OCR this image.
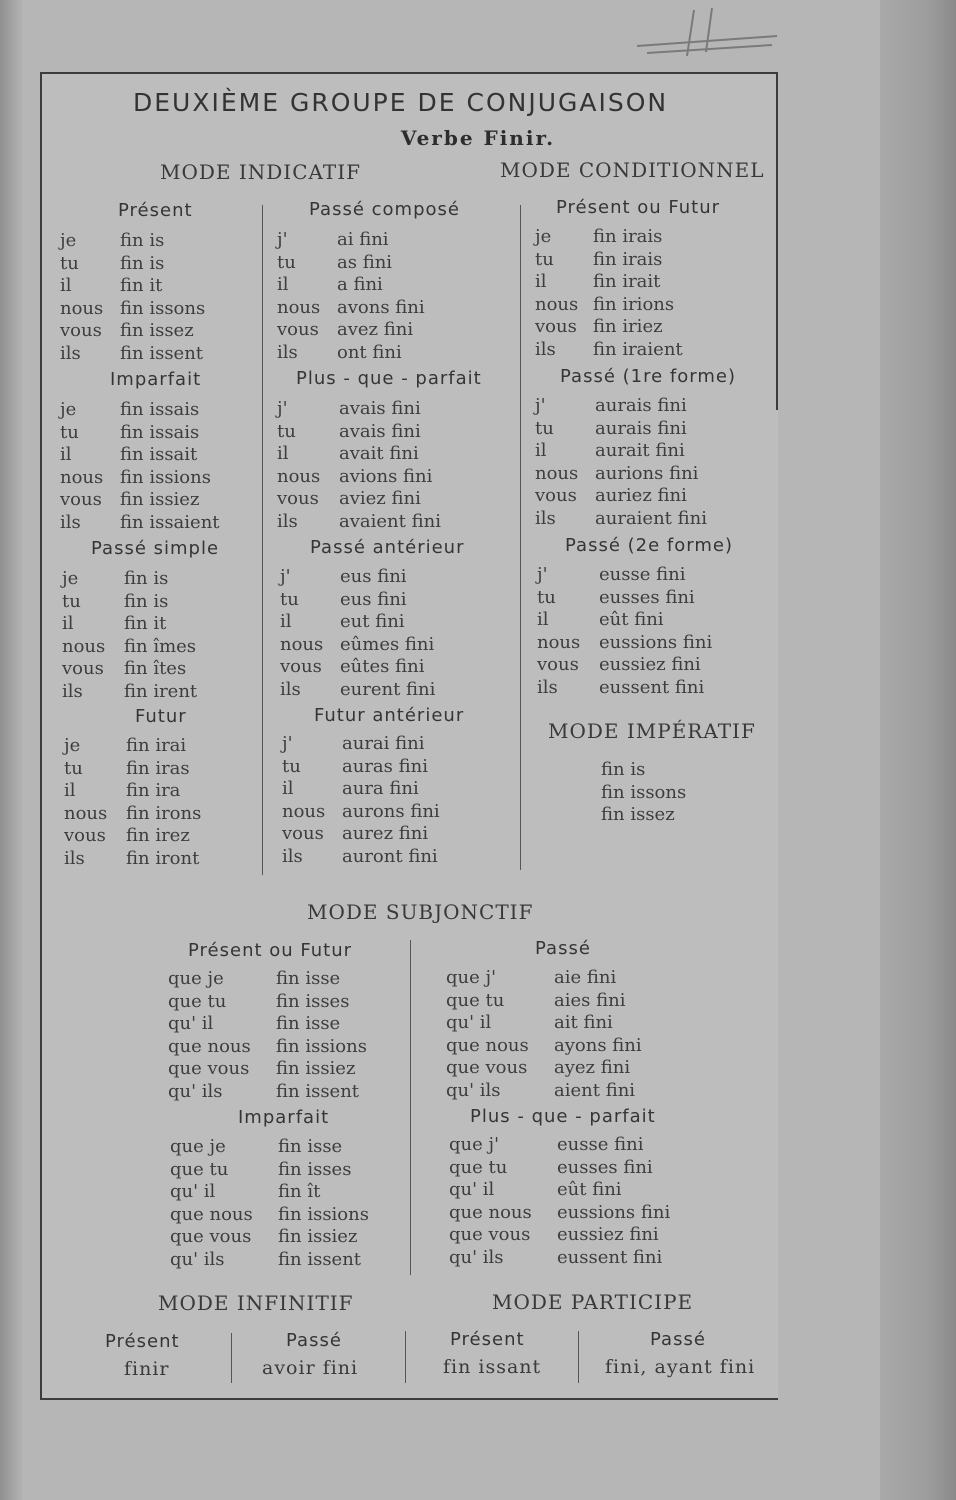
DEUXIÈME GROUPE DE CONJUGAISON
Verbe Finir.
MODE INDICATIF	MODE CONDITIONNEL
Présent
je fin is
tu fin is
il	fin it
nous fin issons
vous fin issez
ils fin issent
Imparfait
je fin issais
tu fin issais
il	fin issait
nous fin issions
vous fin issiez
ils fin issaient
Passé simple
je	fin is
tu fin is
il	fin it
nous fin îmes
vous fin îtes
ils fin irent
Futur
je	fin irai
tu fin iras
il	fin ira
nous fin irons
vous fin irez
ils fin iront
Passé composé
j'	ai fini
tu as fini
il	a fini
nous avons fini
vous avez fini
ils ont fini
Plus - que - parfait
j'	avais fini
tu avais fini
il	avait fini
nous avions fini
vous aviez fini
ils avaient fini
Passé antérieur
j'	eus fini
tu eus fini
il	eut fini
nous eûmes fini
vous eûtes fini
ils eurent fini
Futur antérieur
j'	aurai fini
tu auras fini
il	aura fini
nous aurons fini
vous aurez fini
ils auront fini
Présent ou Futur
je fin irais
tu fin irais
il	fin irait
nous fin irions
vous fin iriez
ils fin iraient
Passé (1re forme)
j'	aurais fini
tu aurais fini
il	aurait fini
nous aurions fini
vous auriez fini
ils auraient fini
Passé (2e forme)
j'	eusse fini
tu eusses fini
il	eût fini
nous eussions fini
vous eussiez fini
ils eussent fini
MODE IMPÉRATIF
fin is
fin issons
fin issez
MODE SUBJONCTIF
Présent ou Futur
que je	fin isse
que tu	fin isses
qu' il	fin isse
que nous fin issions
que vous fin issiez
qu' ils	fin issent
Imparfait
que je	fin isse
que tu	fin isses
qu' il	fin ît
que nous fin issions
que vous fin issiez
qu' ils	fin issent
Passé
que j'	aie fini
que tu	aies fini
qu' il	ait fini
que nous ayons fini
que vous ayez fini
qu' ils	aient fini
Plus - que - parfait
que j'	eusse fini
que tu	eusses fini
qu' il	eût fini
que nous eussions fini
que vous eussiez fini
qu' ils	eussent fini
MODE INFINITIF	MODE PARTICIPE
Présent
finir
Passé
avoir fini
Présent
fin issant
Passé
fini, ayant fini
